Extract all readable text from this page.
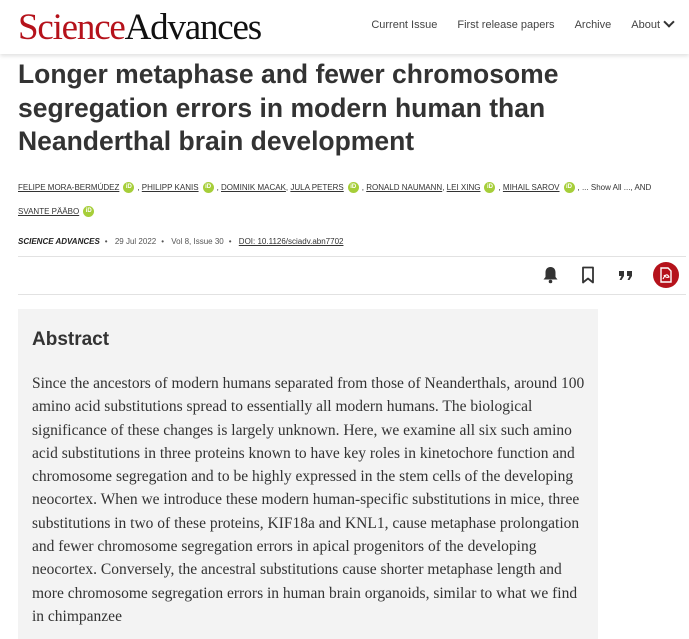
ScienceAdvances	Current Issue First release papers Archive About
Longer metaphase and fewer chromosome segregation errors in modern human than Neanderthal brain development
FELIPE MORA-BERMÚDEZ iD , PHILIPP KANIS iD , DOMINIK MACAK, JULA PETERS iD , RONALD NAUMANN, LEI XING iD , MIHAIL SAROV iD , ... Show All ..., AND
SVANTE PÄÄBO iD
SCIENCE ADVANCES • 29 Jul 2022 • Vol 8, Issue 30 • DOI: 10.1126/sciadv.abn7702
Abstract

Since the ancestors of modern humans separated from those of Neanderthals, around 100 amino acid substitutions spread to essentially all modern humans. The biological significance of these changes is largely unknown. Here, we examine all six such amino acid substitutions in three proteins known to have key roles in kinetochore function and chromosome segregation and to be highly expressed in the stem cells of the developing neocortex. When we introduce these modern human-specific substitutions in mice, three substitutions in two of these proteins, KIF18a and KNL1, cause metaphase prolongation and fewer chromosome segregation errors in apical progenitors of the developing neocortex. Conversely, the ancestral substitutions cause shorter metaphase length and more chromosome segregation errors in human brain organoids, similar to what we find in chimpanzee
